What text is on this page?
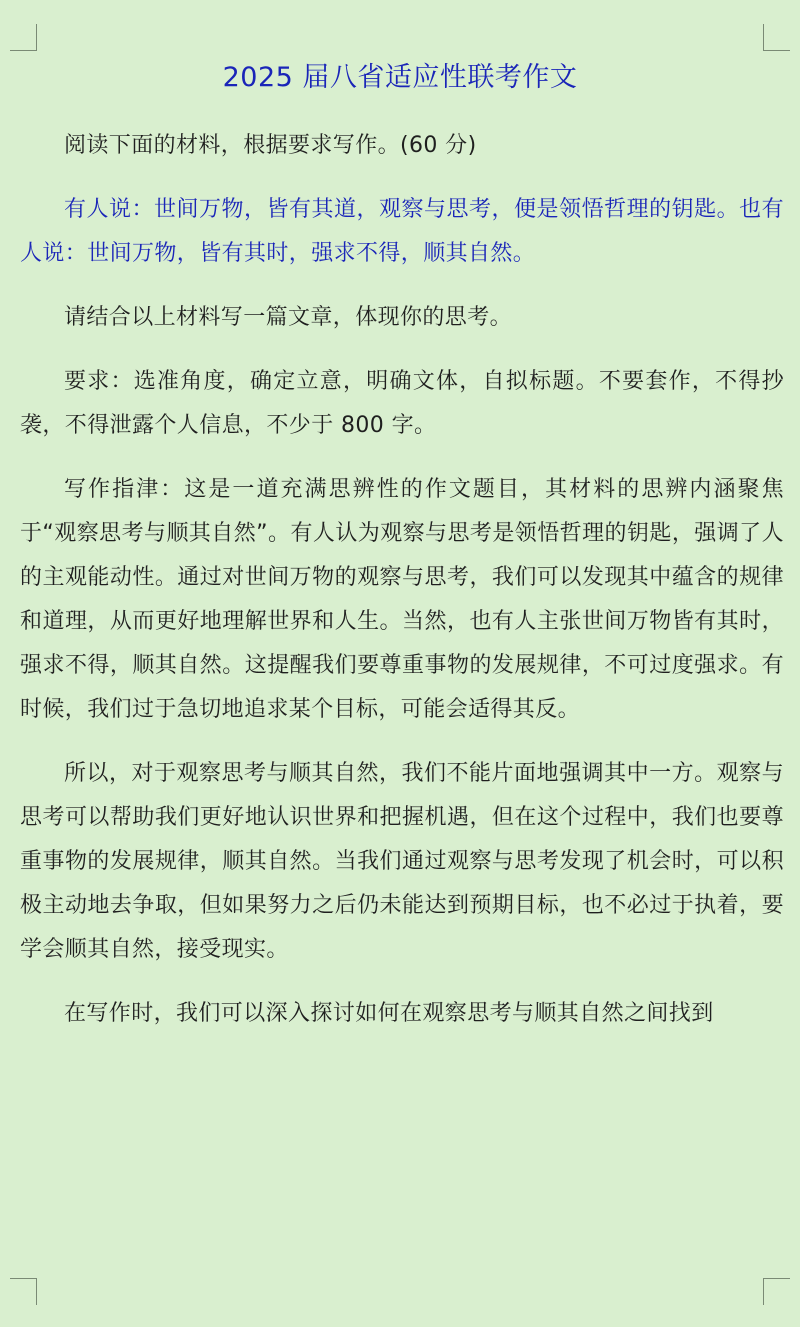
2025 届八省适应性联考作文

阅读下面的材料，根据要求写作。(60 分)

有人说：世间万物，皆有其道，观察与思考，便是领悟哲理的钥匙。也有人说：世间万物，皆有其时，强求不得，顺其自然。

请结合以上材料写一篇文章，体现你的思考。

要求：选准角度，确定立意，明确文体，自拟标题。不要套作，不得抄袭，不得泄露个人信息，不少于 800 字。

写作指津：这是一道充满思辨性的作文题目，其材料的思辨内涵聚焦于“观察思考与顺其自然”。有人认为观察与思考是领悟哲理的钥匙，强调了人的主观能动性。通过对世间万物的观察与思考，我们可以发现其中蕴含的规律和道理，从而更好地理解世界和人生。当然，也有人主张世间万物皆有其时，强求不得，顺其自然。这提醒我们要尊重事物的发展规律，不可过度强求。有时候，我们过于急切地追求某个目标，可能会适得其反。

所以，对于观察思考与顺其自然，我们不能片面地强调其中一方。观察与思考可以帮助我们更好地认识世界和把握机遇，但在这个过程中，我们也要尊重事物的发展规律，顺其自然。当我们通过观察与思考发现了机会时，可以积极主动地去争取，但如果努力之后仍未能达到预期目标，也不必过于执着，要学会顺其自然，接受现实。

在写作时，我们可以深入探讨如何在观察思考与顺其自然之间找到
